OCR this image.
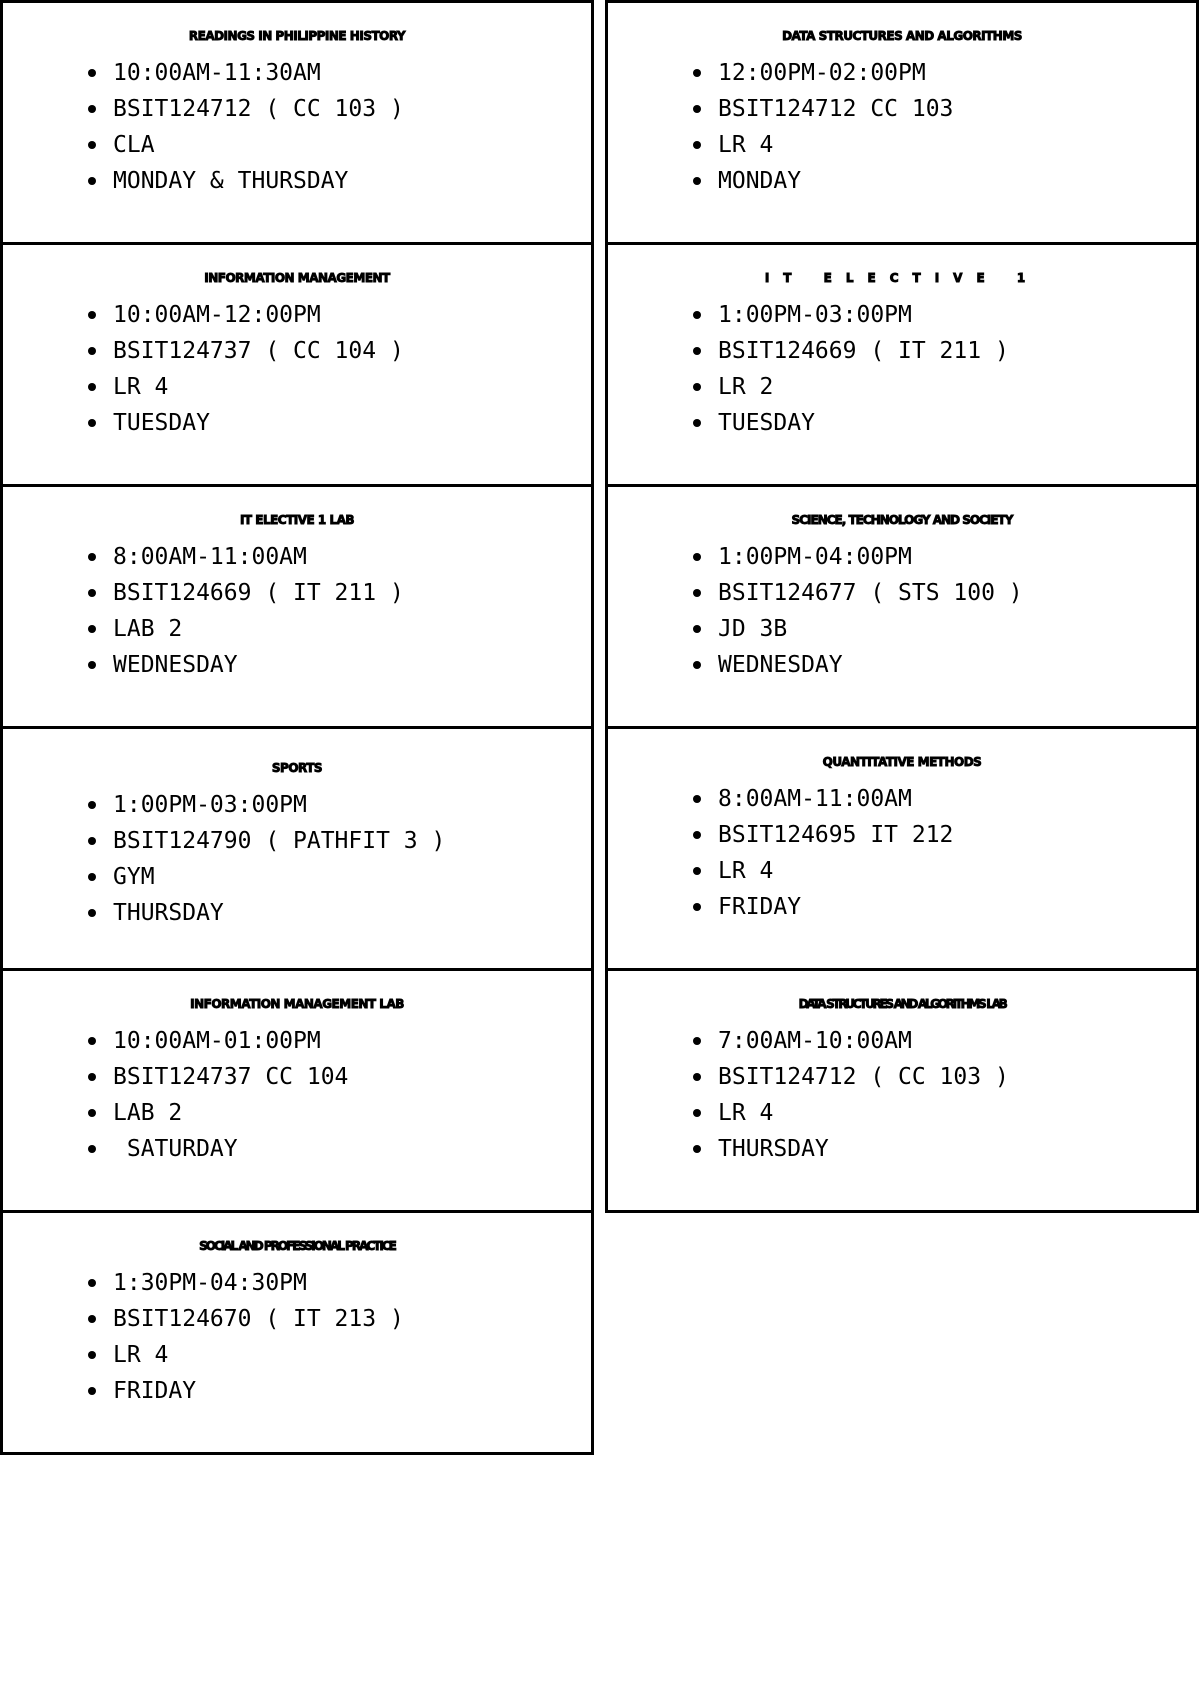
READINGS IN PHILIPPINE HISTORY
10:00AM-11:30AM
BSIT124712 ( CC 103 )
CLA
MONDAY & THURSDAY
DATA STRUCTURES AND ALGORITHMS
12:00PM-02:00PM
BSIT124712 CC 103
LR 4
MONDAY
INFORMATION MANAGEMENT
10:00AM-12:00PM
BSIT124737 ( CC 104 )
LR 4
TUESDAY
IT ELECTIVE 1
1:00PM-03:00PM
BSIT124669 ( IT 211 )
LR 2
TUESDAY
IT ELECTIVE 1 LAB
8:00AM-11:00AM
BSIT124669 ( IT 211 )
LAB 2
WEDNESDAY
SCIENCE, TECHNOLOGY AND SOCIETY
1:00PM-04:00PM
BSIT124677 ( STS 100 )
JD 3B
WEDNESDAY
SPORTS
1:00PM-03:00PM
BSIT124790 ( PATHFIT 3 )
GYM
THURSDAY
QUANTITATIVE METHODS
8:00AM-11:00AM
BSIT124695 IT 212
LR 4
FRIDAY
INFORMATION MANAGEMENT LAB
10:00AM-01:00PM
BSIT124737 CC 104
LAB 2
SATURDAY
DATA STRUCTURES AND ALGORITHMS LAB
7:00AM-10:00AM
BSIT124712 ( CC 103 )
LR 4
THURSDAY
SOCIAL AND PROFESSIONAL PRACTICE
1:30PM-04:30PM
BSIT124670 ( IT 213 )
LR 4
FRIDAY
